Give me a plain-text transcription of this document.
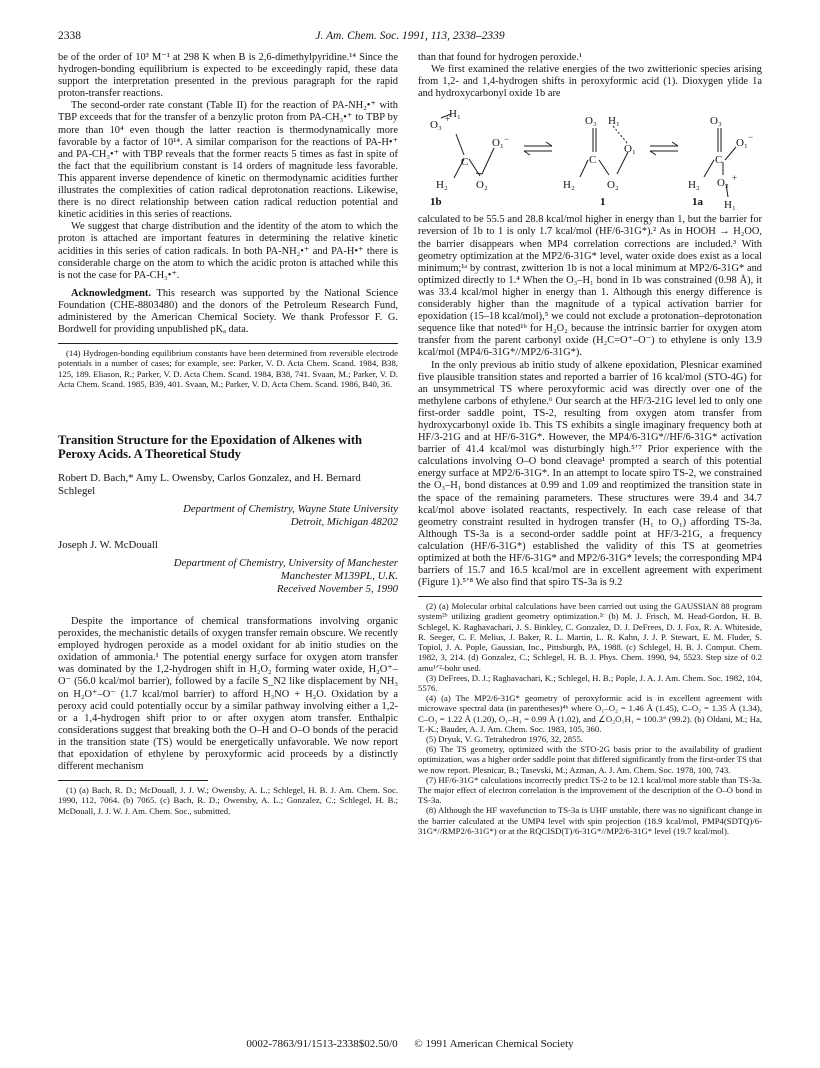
2338	J. Am. Chem. Soc. 1991, 113, 2338–2339

be of the order of 10³ M⁻¹ at 298 K when B is 2,6-dimethylpyridine.¹⁴ Since the hydrogen-bonding equilibrium is expected to be exceedingly rapid, these data support the interpretation presented in the previous paragraph for the rapid proton-transfer reactions.

The second-order rate constant (Table II) for the reaction of PA-NH₂•⁺ with TBP exceeds that for the transfer of a benzylic proton from PA-CH₃•⁺ to TBP by more than 10⁴ even though the latter reaction is thermodynamically more favorable by a factor of 10¹⁴. A similar comparison for the reactions of PA-H•⁺ and PA-CH₃•⁺ with TBP reveals that the former reacts 5 times as fast in spite of the fact that the equilibrium constant is 14 orders of magnitude less favorable. This apparent inverse dependence of kinetic on thermodynamic acidities further illustrates the complexities of cation radical deprotonation reactions. Likewise, there is no direct relationship between cation radical reduction potential and kinetic acidities in this series of reactions.

We suggest that charge distribution and the identity of the atom to which the proton is attached are important features in determining the relative kinetic acidities in this series of cation radicals. In both PA-NH₂•⁺ and PA-H•⁺ there is considerable charge on the atom to which the acidic proton is attached while this is not the case for PA-CH₃•⁺.

Acknowledgment. This research was supported by the National Science Foundation (CHE-8803480) and the donors of the Petroleum Research Fund, administered by the American Chemical Society. We thank Professor F. G. Bordwell for providing unpublished pKₐ data.

(14) Hydrogen-bonding equilibrium constants have been determined from reversible electrode potentials in a number of cases; for example, see: Parker, V. D. Acta Chem. Scand. 1984, B38, 125, 189. Eliason, R.; Parker, V. D. Acta Chem. Scand. 1984, B38, 741. Svaan, M.; Parker, V. D. Acta Chem. Scand. 1985, B39, 401. Svaan, M.; Parker, V. D. Acta Chem. Scand. 1986, B40, 36.

Transition Structure for the Epoxidation of Alkenes with Peroxy Acids. A Theoretical Study
Robert D. Bach,* Amy L. Owensby, Carlos Gonzalez, and H. Bernard Schlegel
Department of Chemistry, Wayne State University
Detroit, Michigan 48202
Joseph J. W. McDouall
Department of Chemistry, University of Manchester
Manchester M139PL, U.K.
Received November 5, 1990

Despite the importance of chemical transformations involving organic peroxides, the mechanistic details of oxygen transfer remain obscure. We recently employed hydrogen peroxide as a model oxidant for ab initio studies on the oxidation of ammonia.¹ The potential energy surface for oxygen atom transfer was dominated by the 1,2-hydrogen shift in H₂O₂ forming water oxide, H₂O⁺–O⁻ (56.0 kcal/mol barrier), followed by a facile S_N2 like displacement by NH₃ on H₂O⁺–O⁻ (1.7 kcal/mol barrier) to afford H₃NO + H₂O. Oxidation by a peroxy acid could potentially occur by a similar pathway involving either a 1,2- or a 1,4-hydrogen shift prior to or after oxygen atom transfer. Enthalpic considerations suggest that breaking both the O–H and O–O bonds of the peracid in the transition state (TS) would be energetically unfavorable. We now report that epoxidation of ethylene by peroxyformic acid proceeds by a distinctly different mechanism

(1) (a) Bach, R. D.; McDouall, J. J. W.; Owensby, A. L.; Schlegel, H. B. J. Am. Chem. Soc. 1990, 112, 7064. (b) 7065. (c) Bach, R. D.; Owensby, A. L.; Gonzalez, C.; Schlegel, H. B.; McDouall, J. J. W. J. Am. Chem. Soc., submitted.

than that found for hydrogen peroxide.¹

We first examined the relative energies of the two zwitterionic species arising from 1,2- and 1,4-hydrogen shifts in peroxyformic acid (1). Dioxygen ylide 1a and hydroxycarbonyl oxide 1b are

O₃
H₁
C
O₁
H₂	O₂
1b
O₃ H₁
C
O₁
H₂	O₂
1
O₃
C
O₁
H₂ O₂
H₁
1a
+
−
+
−

calculated to be 55.5 and 28.8 kcal/mol higher in energy than 1, but the barrier for reversion of 1b to 1 is only 1.7 kcal/mol (HF/6-31G*).² As in HOOH → H₂OO, the barrier disappears when MP4 correlation corrections are included.³ With geometry optimization at the MP2/6-31G* level, water oxide does exist as a local minimum;¹ᵃ by contrast, zwitterion 1b is not a local minimum at MP2/6-31G* and optimized directly to 1.⁴ When the O₃–H₁ bond in 1b was constrained (0.98 Å), it was 33.4 kcal/mol higher in energy than 1. Although this energy difference is considerably higher than the magnitude of a typical activation barrier for epoxidation (15–18 kcal/mol),⁵ we could not exclude a protonation–deprotonation sequence like that noted¹ᵇ for H₂O₂ because the intrinsic barrier for oxygen atom transfer from the parent carbonyl oxide (H₂C=O⁺–O⁻) to ethylene is only 13.9 kcal/mol (MP4/6-31G*//MP2/6-31G*).

In the only previous ab initio study of alkene epoxidation, Plesnicar examined five plausible transition states and reported a barrier of 16 kcal/mol (STO-4G) for an unsymmetrical TS where peroxyformic acid was directly over one of the methylene carbons of ethylene.⁶ Our search at the HF/3-21G level led to only one first-order saddle point, TS-2, resulting from oxygen atom transfer from hydroxycarbonyl oxide 1b. This TS exhibits a single imaginary frequency both at HF/3-21G and at HF/6-31G*. However, the MP4/6-31G*//HF/6-31G* activation barrier of 41.4 kcal/mol was disturbingly high.⁵ʼ⁷ Prior experience with the calculations involving O–O bond cleavage¹ prompted a search of this potential energy surface at MP2/6-31G*. In an attempt to locate spiro TS-2, we constrained the O₃–H₁ bond distances at 0.99 and 1.09 and reoptimized the transition state in the space of the remaining parameters. These structures were 39.4 and 34.7 kcal/mol above isolated reactants, respectively. In each case release of that geometry constraint resulted in hydrogen transfer (H₁ to O₁) affording TS-3a. Although TS-3a is a second-order saddle point at HF/3-21G, a frequency calculation (HF/6-31G*) established the validity of this TS at geometries optimized at both the HF/6-31G* and MP2/6-31G* levels; the corresponding MP4 barriers of 15.7 and 16.5 kcal/mol are in excellent agreement with experiment (Figure 1).⁵ʼ⁸ We also find that spiro TS-3a is 9.2

(2) (a) Molecular orbital calculations have been carried out using the GAUSSIAN 88 program system²ᵇ utilizing gradient geometry optimization.²ᶜ (b) M. J. Frisch, M. Head-Gordon, H. B. Schlegel, K. Raghavachari, J. S. Binkley, C. Gonzalez, D. J. DeFrees, D. J. Fox, R. A. Whiteside, R. Seeger, C. F. Melius, J. Baker, R. L. Martin, L. R. Kahn, J. J. P. Stewart, E. M. Fluder, S. Topiol, J. A. Pople, Gaussian, Inc., Pittsburgh, PA, 1988. (c) Schlegel, H. B. J. Comput. Chem. 1982, 3, 214. (d) Gonzalez, C.; Schlegel, H. B. J. Phys. Chem. 1990, 94, 5523. Step size of 0.2 amu¹ᐟ²-bohr used.

(3) DeFrees, D. J.; Raghavachari, K.; Schlegel, H. B.; Pople, J. A. J. Am. Chem. Soc. 1982, 104, 5576.

(4) (a) The MP2/6-31G* geometry of peroxyformic acid is in excellent agreement with microwave spectral data (in parentheses)⁴ᵇ where O₁–O₂ = 1.46 Å (1.45), C–O₂ = 1.35 Å (1.34), C–O₃ = 1.22 Å (1.20), O₁–H₁ = 0.99 Å (1.02), and ∠O₂O₁H₁ = 100.3° (99.2). (b) Oldani, M.; Ha, T.-K.; Bauder, A. J. Am. Chem. Soc. 1983, 105, 360.

(5) Dryuk, V. G. Tetrahedron 1976, 32, 2855.

(6) The TS geometry, optimized with the STO-2G basis prior to the availability of gradient optimization, was a higher order saddle point that differed significantly from the first-order TS that we now report. Plesnicar, B.; Tasevski, M.; Azman, A. J. Am. Chem. Soc. 1978, 100, 743.

(7) HF/6-31G* calculations incorrectly predict TS-2 to be 12.1 kcal/mol more stable than TS-3a. The major effect of electron correlation is the improvement of the description of the O–O bond in TS-3a.

(8) Although the HF wavefunction to TS-3a is UHF unstable, there was no significant change in the barrier calculated at the UMP4 level with spin projection (18.9 kcal/mol, PMP4(SDTQ)/6-31G*//RMP2/6-31G*) or at the RQCISD(T)/6-31G*//MP2/6-31G* level (19.7 kcal/mol).

0002-7863/91/1513-2338$02.50/0 © 1991 American Chemical Society
